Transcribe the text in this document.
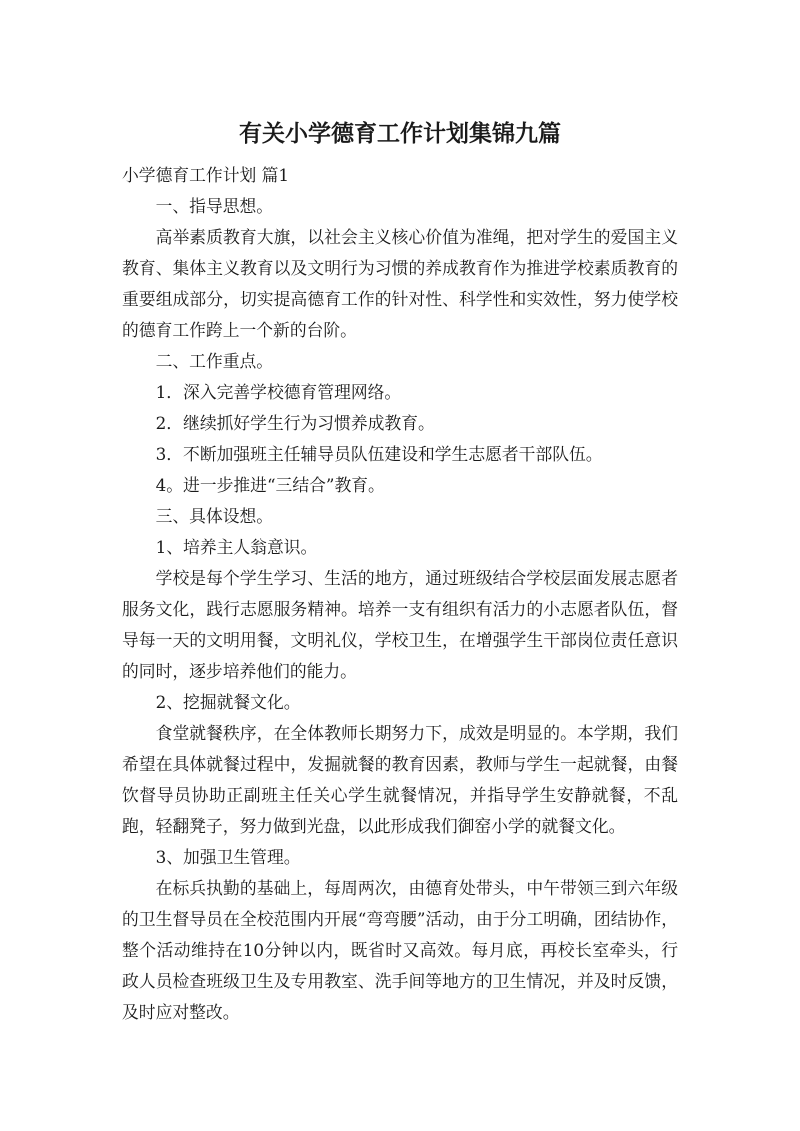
有关小学德育工作计划集锦九篇

小学德育工作计划 篇1

一、指导思想。

高举素质教育大旗，以社会主义核心价值为准绳，把对学生的爱国主义教育、集体主义教育以及文明行为习惯的养成教育作为推进学校素质教育的重要组成部分，切实提高德育工作的针对性、科学性和实效性，努力使学校的德育工作跨上一个新的台阶。

二、工作重点。

1．深入完善学校德育管理网络。

2．继续抓好学生行为习惯养成教育。

3．不断加强班主任辅导员队伍建设和学生志愿者干部队伍。

4。进一步推进“三结合”教育。

三、具体设想。

1、培养主人翁意识。

学校是每个学生学习、生活的地方，通过班级结合学校层面发展志愿者服务文化，践行志愿服务精神。培养一支有组织有活力的小志愿者队伍，督导每一天的文明用餐，文明礼仪，学校卫生，在增强学生干部岗位责任意识的同时，逐步培养他们的能力。

2、挖掘就餐文化。

食堂就餐秩序，在全体教师长期努力下，成效是明显的。本学期，我们希望在具体就餐过程中，发掘就餐的教育因素，教师与学生一起就餐，由餐饮督导员协助正副班主任关心学生就餐情况，并指导学生安静就餐，不乱跑，轻翻凳子，努力做到光盘，以此形成我们御窑小学的就餐文化。

3、加强卫生管理。

在标兵执勤的基础上，每周两次，由德育处带头，中午带领三到六年级的卫生督导员在全校范围内开展“弯弯腰”活动，由于分工明确，团结协作，整个活动维持在10分钟以内，既省时又高效。每月底，再校长室牵头，行政人员检查班级卫生及专用教室、洗手间等地方的卫生情况，并及时反馈，及时应对整改。
